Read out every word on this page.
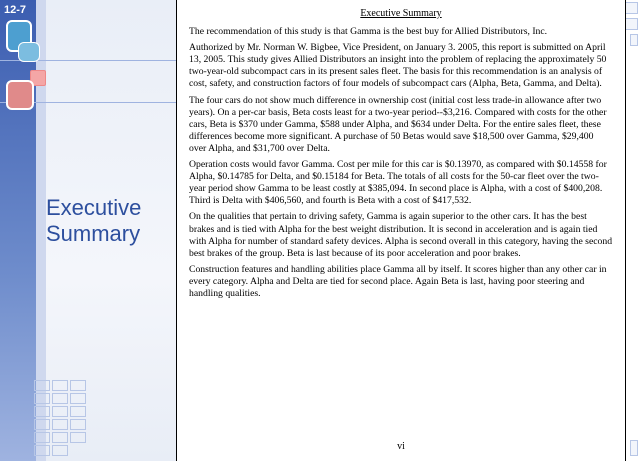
12-7
Executive
Summary
Executive Summary

The recommendation of this study is that Gamma is the best buy for Allied Distributors, Inc.

Authorized by Mr. Norman W. Bigbee, Vice President, on January 3. 2005, this report is submitted on April 13, 2005. This study gives Allied Distributors an insight into the problem of replacing the approximately 50 two-year-old subcompact cars in its present sales fleet. The basis for this recommendation is an analysis of cost, safety, and construction factors of four models of subcompact cars (Alpha, Beta, Gamma, and Delta).

The four cars do not show much difference in ownership cost (initial cost less trade-in allowance after two years). On a per-car basis, Beta costs least for a two-year period--$3,216. Compared with costs for the other cars, Beta is $370 under Gamma, $588 under Alpha, and $634 under Delta. For the entire sales fleet, these differences become more significant. A purchase of 50 Betas would save $18,500 over Gamma, $29,400 over Alpha, and $31,700 over Delta.

Operation costs would favor Gamma. Cost per mile for this car is $0.13970, as compared with $0.14558 for Alpha, $0.14785 for Delta, and $0.15184 for Beta. The totals of all costs for the 50-car fleet over the two-year period show Gamma to be least costly at $385,094. In second place is Alpha, with a cost of $400,208. Third is Delta with $406,560, and fourth is Beta with a cost of $417,532.

On the qualities that pertain to driving safety, Gamma is again superior to the other cars. It has the best brakes and is tied with Alpha for the best weight distribution. It is second in acceleration and is again tied with Alpha for number of standard safety devices. Alpha is second overall in this category, having the second best brakes of the group. Beta is last because of its poor acceleration and poor brakes.

Construction features and handling abilities place Gamma all by itself. It scores higher than any other car in every category. Alpha and Delta are tied for second place. Again Beta is last, having poor steering and handling qualities.

vi
